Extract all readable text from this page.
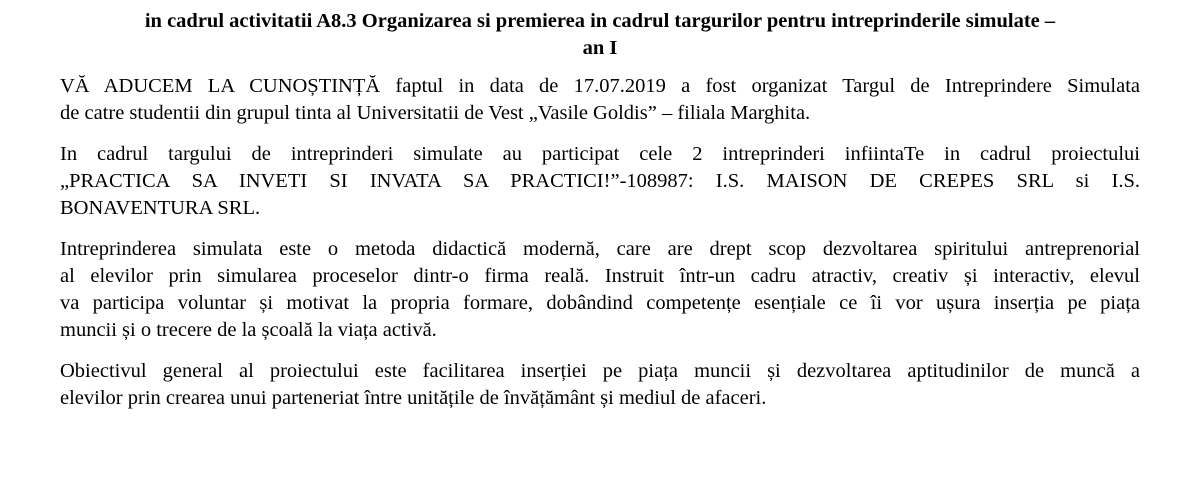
in cadrul activitatii A8.3 Organizarea si premierea in cadrul targurilor pentru intreprinderile simulate –
an I
VĂ ADUCEM LA CUNOȘTINȚĂ faptul in data de 17.07.2019 a fost organizat Targul de Intreprindere Simulata
de catre studentii din grupul tinta al Universitatii de Vest „Vasile Goldis” – filiala Marghita.
In cadrul targului de intreprinderi simulate au participat cele 2 intreprinderi infiintaTe in cadrul proiectului
„PRACTICA SA INVETI SI INVATA SA PRACTICI!”-108987: I.S. MAISON DE CREPES SRL si I.S.
BONAVENTURA SRL.
Intreprinderea simulata este o metoda didactică modernă, care are drept scop dezvoltarea spiritului antreprenorial
al elevilor prin simularea proceselor dintr-o firma reală. Instruit într-un cadru atractiv, creativ și interactiv, elevul
va participa voluntar și motivat la propria formare, dobândind competențe esențiale ce îi vor ușura inserția pe piața
muncii și o trecere de la școală la viața activă.
Obiectivul general al proiectului este facilitarea inserției pe piața muncii și dezvoltarea aptitudinilor de muncă a
elevilor prin crearea unui parteneriat între unitățile de învățământ și mediul de afaceri.
